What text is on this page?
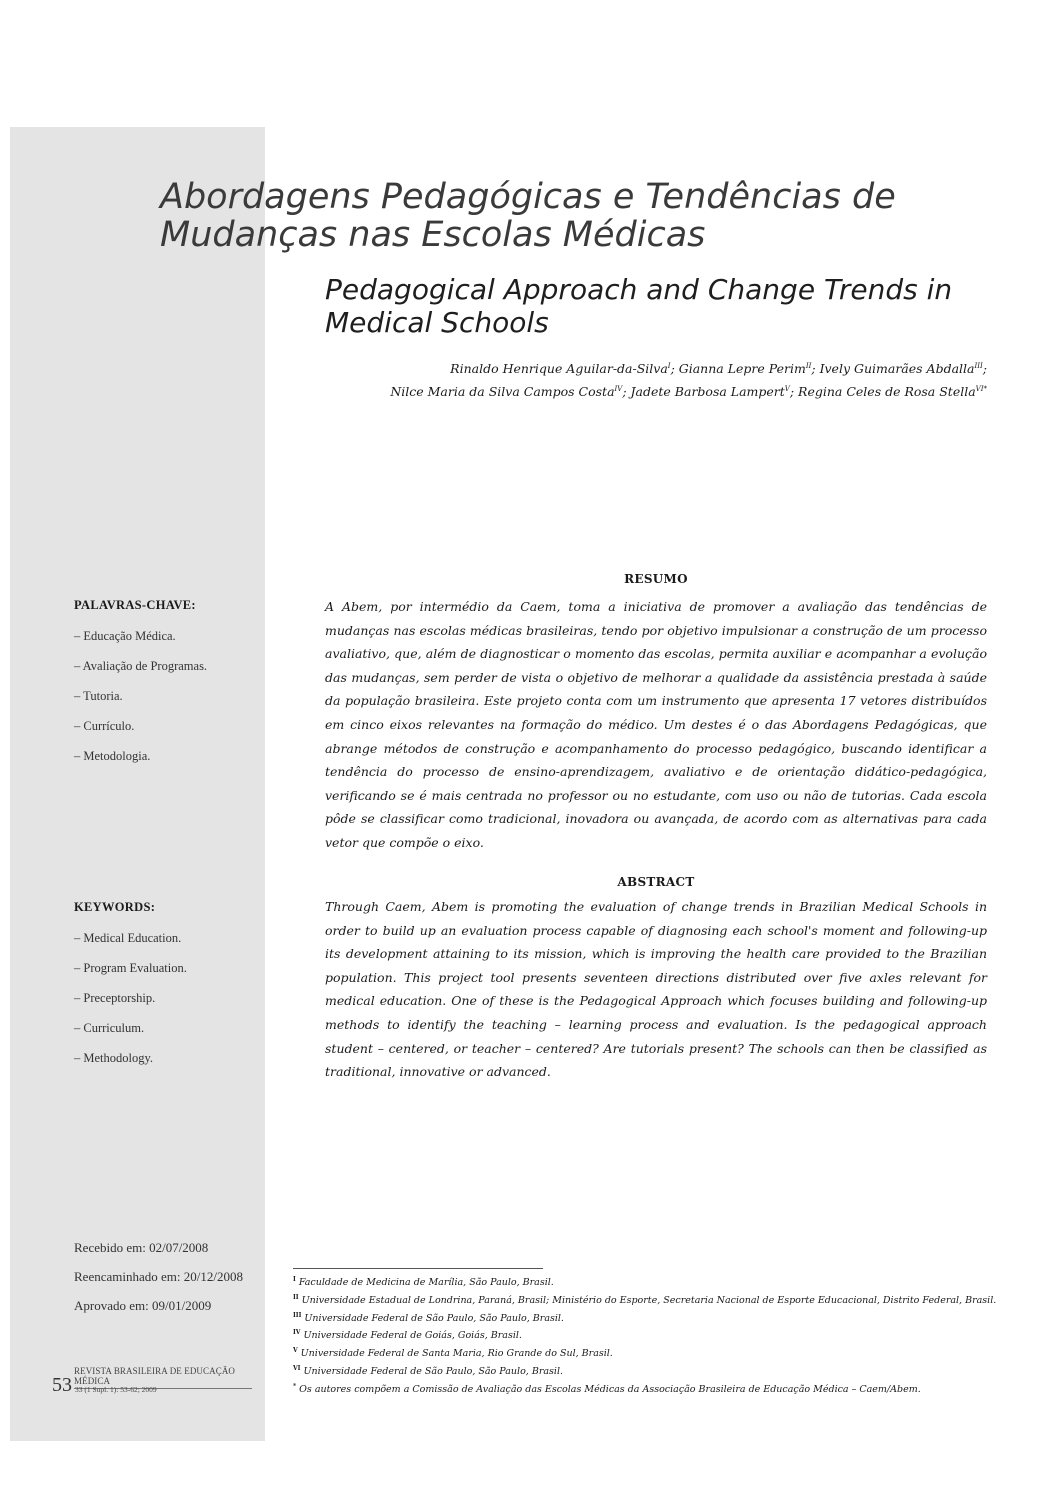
Abordagens Pedagógicas e Tendências de
Mudanças nas Escolas Médicas
Pedagogical Approach and Change Trends in
Medical Schools
Rinaldo Henrique Aguilar-da-Silva$^I$; Gianna Lepre Perim$^{II}$; Ively Guimarães Abdalla$^{III}$;
Nilce Maria da Silva Campos Costa$^{IV}$; Jadete Barbosa Lampert$^V$; Regina Celes de Rosa Stella$^{VI*}$
PALAVRAS-CHAVE:
– Educação Médica.
– Avaliação de Programas.
– Tutoria.
– Currículo.
– Metodologia.
RESUMO

A Abem, por intermédio da Caem, toma a iniciativa de promover a avaliação das tendências de mudanças nas escolas médicas brasileiras, tendo por objetivo impulsionar a construção de um processo avaliativo, que, além de diagnosticar o momento das escolas, permita auxiliar e acompanhar a evolução das mudanças, sem perder de vista o objetivo de melhorar a qualidade da assistência prestada à saúde da população brasileira. Este projeto conta com um instrumento que apresenta 17 vetores distribuídos em cinco eixos relevantes na formação do médico. Um destes é o das Abordagens Pedagógicas, que abrange métodos de construção e acompanhamento do processo pedagógico, buscando identificar a tendência do processo de ensino-aprendizagem, avaliativo e de orientação didático-pedagógica, verificando se é mais centrada no professor ou no estudante, com uso ou não de tutorias. Cada escola pôde se classificar como tradicional, inovadora ou avançada, de acordo com as alternativas para cada vetor que compõe o eixo.

KEYWORDS:
– Medical Education.
– Program Evaluation.
– Preceptorship.
– Curriculum.
– Methodology.
ABSTRACT

Through Caem, Abem is promoting the evaluation of change trends in Brazilian Medical Schools in order to build up an evaluation process capable of diagnosing each school's moment and following-up its development attaining to its mission, which is improving the health care provided to the Brazilian population. This project tool presents seventeen directions distributed over five axles relevant for medical education. One of these is the Pedagogical Approach which focuses building and following-up methods to identify the teaching – learning process and evaluation. Is the pedagogical approach student – centered, or teacher – centered? Are tutorials present? The schools can then be classified as traditional, innovative or advanced.

Recebido em: 02/07/2008
Reencaminhado em: 20/12/2008
Aprovado em: 09/01/2009
REVISTA BRASILEIRA DE EDUCAÇÃO MÉDICA
53 33 (1 Supl. 1): 53-62; 2009
$^I$ Faculdade de Medicina de Marília, São Paulo, Brasil.
$^{II}$ Universidade Estadual de Londrina, Paraná, Brasil; Ministério do Esporte, Secretaria Nacional de Esporte Educacional, Distrito Federal, Brasil.
$^{III}$ Universidade Federal de São Paulo, São Paulo, Brasil.
$^{IV}$ Universidade Federal de Goiás, Goiás, Brasil.
$^V$ Universidade Federal de Santa Maria, Rio Grande do Sul, Brasil.
$^{VI}$ Universidade Federal de São Paulo, São Paulo, Brasil.
* Os autores compõem a Comissão de Avaliação das Escolas Médicas da Associação Brasileira de Educação Médica – Caem/Abem.
